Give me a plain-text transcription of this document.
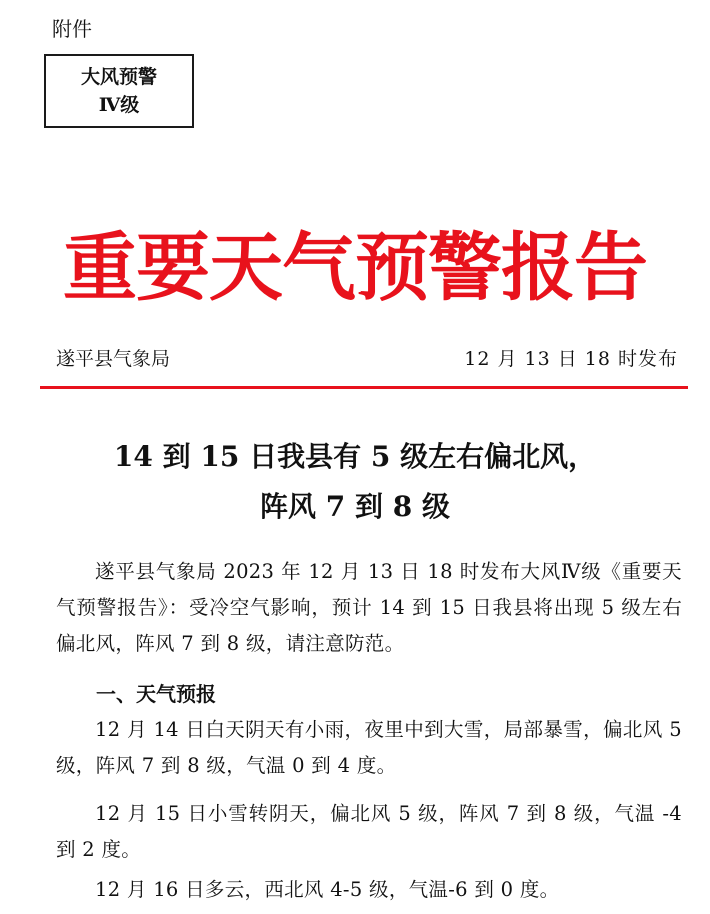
附件
大风预警
Ⅳ级
重要天气预警报告
遂平县气象局	12 月 13 日 18 时发布
14 到 15 日我县有 5 级左右偏北风，
阵风 7 到 8 级

遂平县气象局 2023 年 12 月 13 日 18 时发布大风Ⅳ级《重要天气预警报告》：受冷空气影响，预计 14 到 15 日我县将出现 5 级左右偏北风，阵风 7 到 8 级，请注意防范。

一、天气预报

12 月 14 日白天阴天有小雨，夜里中到大雪，局部暴雪，偏北风 5 级，阵风 7 到 8 级，气温 0 到 4 度。

12 月 15 日小雪转阴天，偏北风 5 级，阵风 7 到 8 级，气温 -4 到 2 度。

12 月 16 日多云，西北风 4-5 级，气温-6 到 0 度。
